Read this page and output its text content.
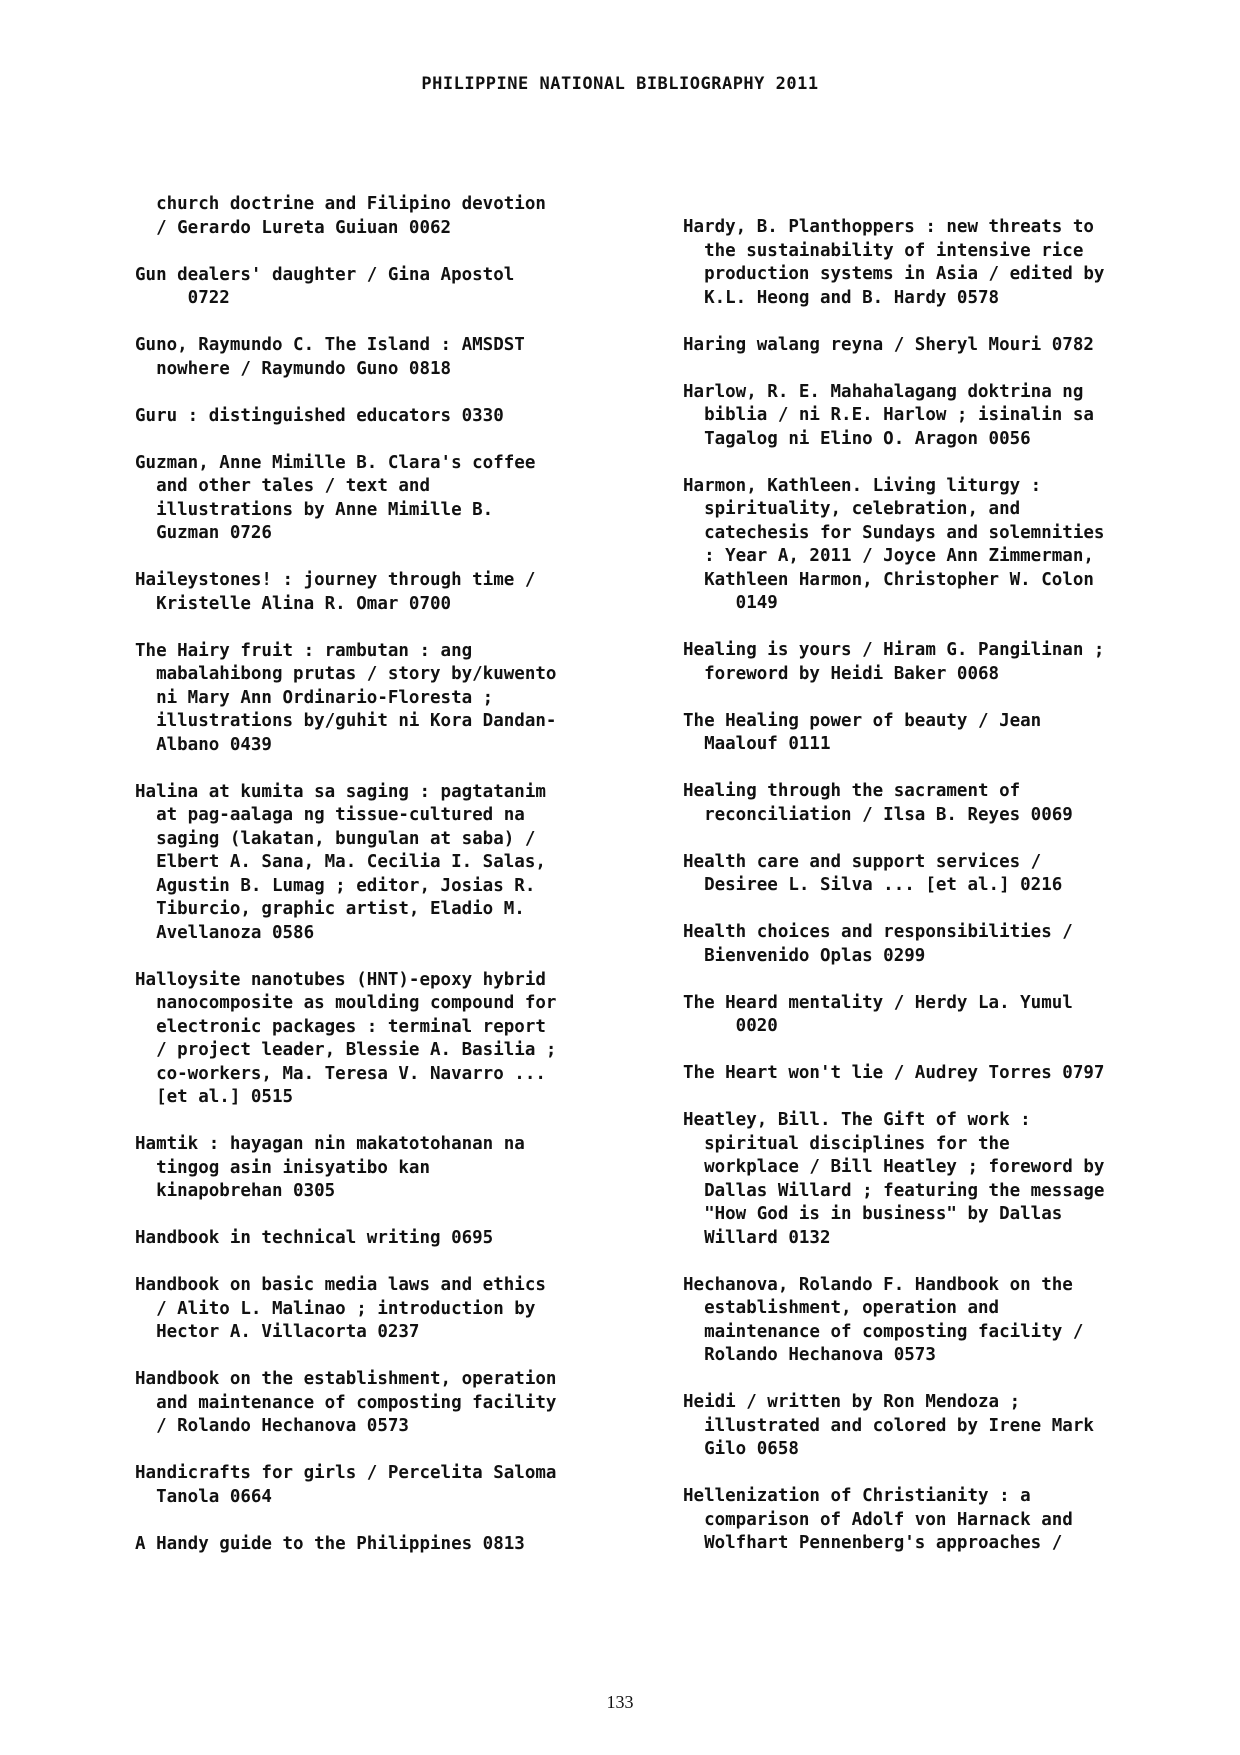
PHILIPPINE NATIONAL BIBLIOGRAPHY 2011

church doctrine and Filipino devotion
/ Gerardo Lureta Guiuan 0062

Gun dealers' daughter / Gina Apostol
0722

Guno, Raymundo C. The Island : AMSDST
nowhere / Raymundo Guno 0818

Guru : distinguished educators 0330

Guzman, Anne Mimille B. Clara's coffee
and other tales / text and
illustrations by Anne Mimille B.
Guzman 0726

Haileystones! : journey through time /
Kristelle Alina R. Omar 0700

The Hairy fruit : rambutan : ang
mabalahibong prutas / story by/kuwento
ni Mary Ann Ordinario-Floresta ;
illustrations by/guhit ni Kora Dandan-
Albano 0439

Halina at kumita sa saging : pagtatanim
at pag-aalaga ng tissue-cultured na
saging (lakatan, bungulan at saba) /
Elbert A. Sana, Ma. Cecilia I. Salas,
Agustin B. Lumag ; editor, Josias R.
Tiburcio, graphic artist, Eladio M.
Avellanoza 0586

Halloysite nanotubes (HNT)-epoxy hybrid
nanocomposite as moulding compound for
electronic packages : terminal report
/ project leader, Blessie A. Basilia ;
co-workers, Ma. Teresa V. Navarro ...
[et al.] 0515

Hamtik : hayagan nin makatotohanan na
tingog asin inisyatibo kan
kinapobrehan 0305

Handbook in technical writing 0695

Handbook on basic media laws and ethics
/ Alito L. Malinao ; introduction by
Hector A. Villacorta 0237

Handbook on the establishment, operation
and maintenance of composting facility
/ Rolando Hechanova 0573

Handicrafts for girls / Percelita Saloma
Tanola 0664

A Handy guide to the Philippines 0813

Hardy, B. Planthoppers : new threats to
the sustainability of intensive rice
production systems in Asia / edited by
K.L. Heong and B. Hardy 0578

Haring walang reyna / Sheryl Mouri 0782

Harlow, R. E. Mahahalagang doktrina ng
biblia / ni R.E. Harlow ; isinalin sa
Tagalog ni Elino O. Aragon 0056

Harmon, Kathleen. Living liturgy :
spirituality, celebration, and
catechesis for Sundays and solemnities
: Year A, 2011 / Joyce Ann Zimmerman,
Kathleen Harmon, Christopher W. Colon
0149

Healing is yours / Hiram G. Pangilinan ;
foreword by Heidi Baker 0068

The Healing power of beauty / Jean
Maalouf 0111

Healing through the sacrament of
reconciliation / Ilsa B. Reyes 0069

Health care and support services /
Desiree L. Silva ... [et al.] 0216

Health choices and responsibilities /
Bienvenido Oplas 0299

The Heard mentality / Herdy La. Yumul
0020

The Heart won't lie / Audrey Torres 0797

Heatley, Bill. The Gift of work :
spiritual disciplines for the
workplace / Bill Heatley ; foreword by
Dallas Willard ; featuring the message
"How God is in business" by Dallas
Willard 0132

Hechanova, Rolando F. Handbook on the
establishment, operation and
maintenance of composting facility /
Rolando Hechanova 0573

Heidi / written by Ron Mendoza ;
illustrated and colored by Irene Mark
Gilo 0658

Hellenization of Christianity : a
comparison of Adolf von Harnack and
Wolfhart Pennenberg's approaches /

133
